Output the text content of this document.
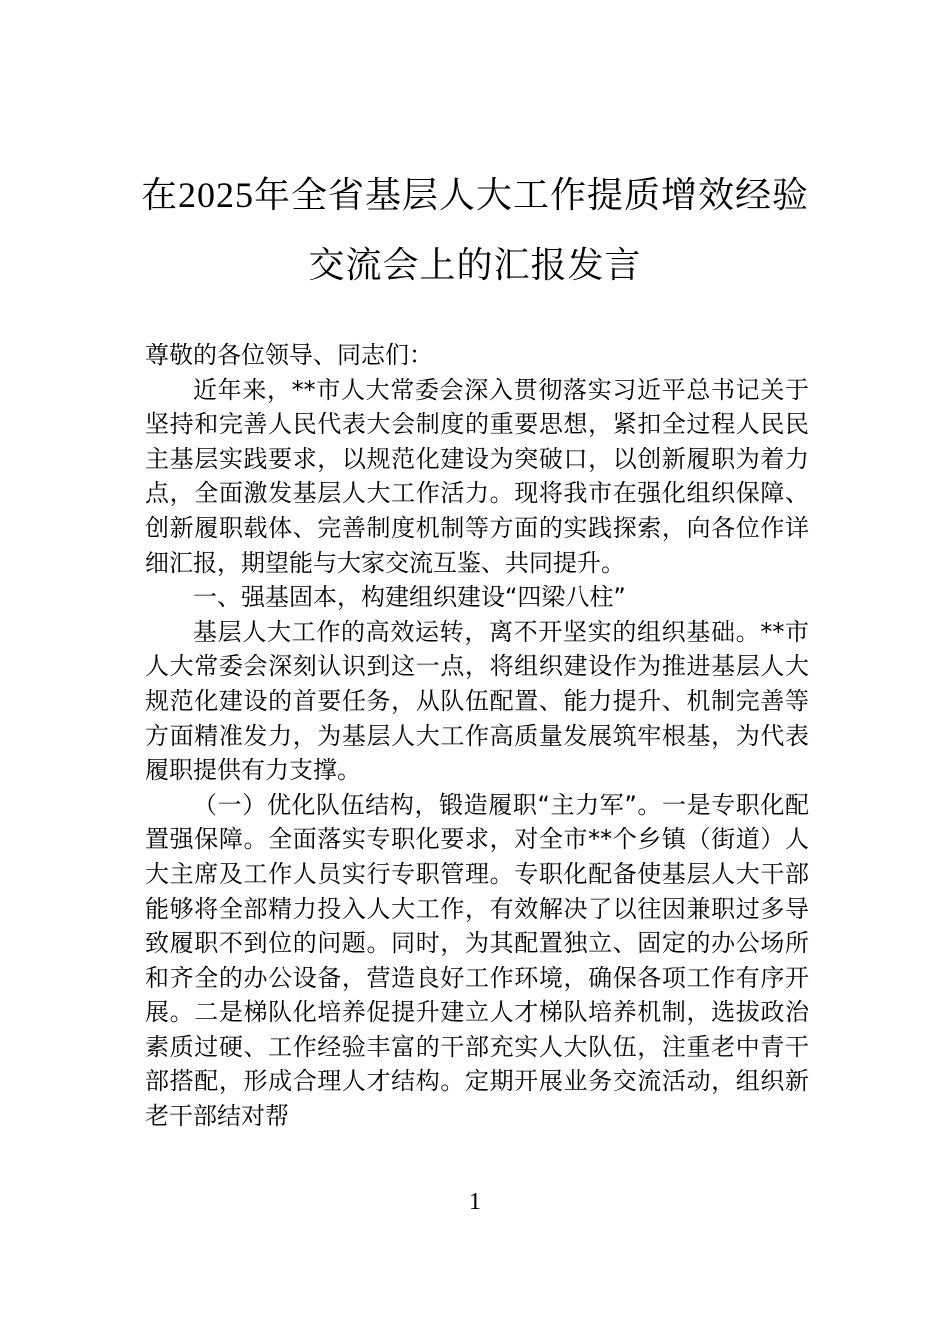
在2025年全省基层人大工作提质增效经验
交流会上的汇报发言

尊敬的各位领导、同志们：

近年来，**市人大常委会深入贯彻落实习近平总书记关于坚持和完善人民代表大会制度的重要思想，紧扣全过程人民民主基层实践要求，以规范化建设为突破口，以创新履职为着力点，全面激发基层人大工作活力。现将我市在强化组织保障、创新履职载体、完善制度机制等方面的实践探索，向各位作详细汇报，期望能与大家交流互鉴、共同提升。

一、强基固本，构建组织建设“四梁八柱”

基层人大工作的高效运转，离不开坚实的组织基础。**市人大常委会深刻认识到这一点，将组织建设作为推进基层人大规范化建设的首要任务，从队伍配置、能力提升、机制完善等方面精准发力，为基层人大工作高质量发展筑牢根基，为代表履职提供有力支撑。

（一）优化队伍结构，锻造履职“主力军”。一是专职化配置强保障。全面落实专职化要求，对全市**个乡镇（街道）人大主席及工作人员实行专职管理。专职化配备使基层人大干部能够将全部精力投入人大工作，有效解决了以往因兼职过多导致履职不到位的问题。同时，为其配置独立、固定的办公场所和齐全的办公设备，营造良好工作环境，确保各项工作有序开展。二是梯队化培养促提升建立人才梯队培养机制，选拔政治素质过硬、工作经验丰富的干部充实人大队伍，注重老中青干部搭配，形成合理人才结构。定期开展业务交流活动，组织新老干部结对帮

1
